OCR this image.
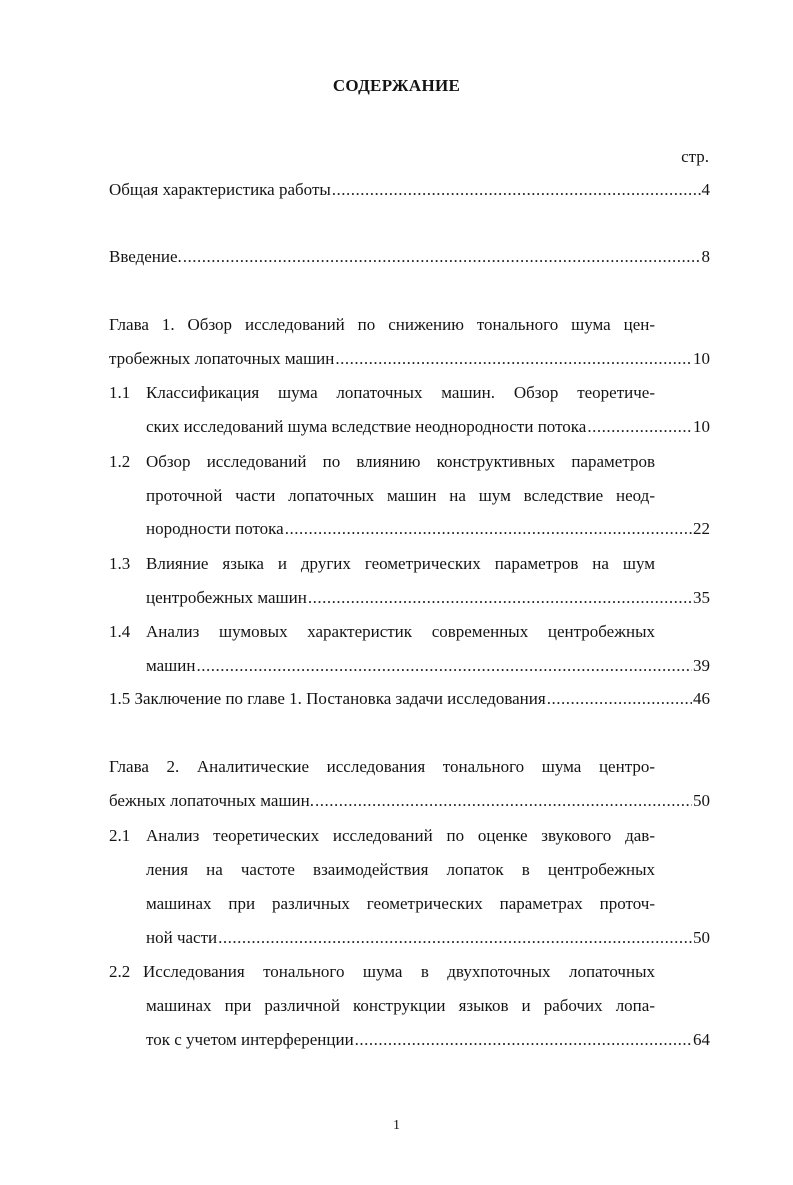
СОДЕРЖАНИЕ
стр.
Общая характеристика работы .....	4
Введение. .....	8
Глава 1. Обзор исследований по снижению тонального шума цен-
тробежных лопаточных машин .....	10
1.1 Классификация шума лопаточных машин. Обзор теоретиче-
ских исследований шума вследствие неоднородности потока .....	10
1.2 Обзор исследований по влиянию конструктивных параметров
проточной части лопаточных машин на шум вследствие неод-
нородности потока .....	22
1.3 Влияние языка и других геометрических параметров на шум
центробежных машин .....	35
1.4 Анализ шумовых характеристик современных центробежных
машин .....	39
1.5 Заключение по главе 1. Постановка задачи исследования .....	46
Глава 2. Аналитические исследования тонального шума центро-
бежных лопаточных машин. .....	50
2.1 Анализ теоретических исследований по оценке звукового дав-
ления на частоте взаимодействия лопаток в центробежных
машинах при различных геометрических параметрах проточ-
ной части .....	50
2.2 Исследования тонального шума в двухпоточных лопаточных
машинах при различной конструкции языков и рабочих лопа-
ток с учетом интерференции .....	64
1
